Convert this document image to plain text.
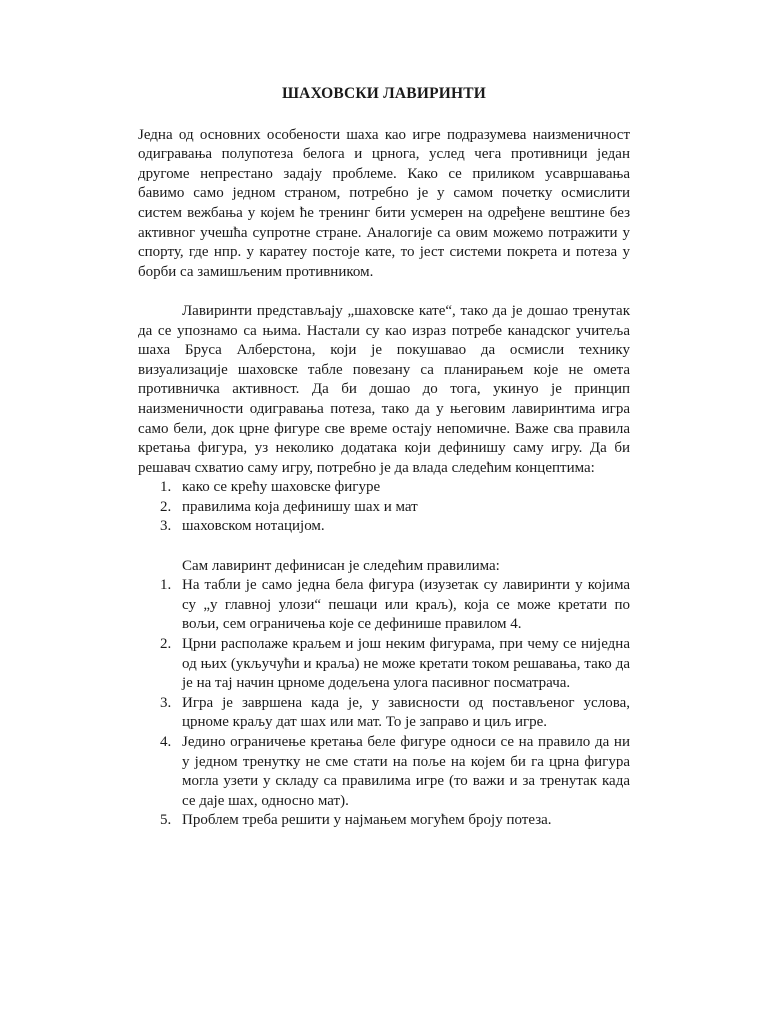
ШАХОВСКИ ЛАВИРИНТИ

Једна од основних особености шаха као игре подразумева наизменичност одигравања полупотеза белога и црнога, услед чега противници један другоме непрестано задају проблеме. Како се приликом усавршавања бавимо само једном страном, потребно је у самом почетку осмислити систем вежбања у којем ће тренинг бити усмерен на одређене вештине без активног учешћа супротне стране. Аналогије са овим можемо потражити у спорту, где нпр. у каратеу постоје кате, то јест системи покрета и потеза у борби са замишљеним противником.

Лавиринти представљају „шаховске кате“, тако да је дошао тренутак да се упознамо са њима. Настали су као израз потребе канадског учитеља шаха Бруса Алберстона, који је покушавао да осмисли технику визуализације шаховске табле повезану са планирањем које не омета противничка активност. Да би дошао до тога, укинуо је принцип наизменичности одигравања потеза, тако да у његовим лавиринтима игра само бели, док црне фигуре све време остају непомичне. Важе сва правила кретања фигура, уз неколико додатака који дефинишу саму игру. Да би решавач схватио саму игру, потребно је да влада следећим концептима:

1. како се крећу шаховске фигуре
2. правилима која дефинишу шах и мат
3. шаховском нотацијом.

Сам лавиринт дефинисан је следећим правилима:

1. На табли је само једна бела фигура (изузетак су лавиринти у којима су „у главној улози“ пешаци или краљ), која се може кретати по вољи, сем ограничења које се дефинише правилом 4.
2. Црни располаже краљем и још неким фигурама, при чему се ниједна од њих (укључући и краља) не може кретати током решавања, тако да је на тај начин црноме додељена улога пасивног посматрача.
3. Игра је завршена када је, у зависности од постављеног услова, црноме краљу дат шах или мат. То је заправо и циљ игре.
4. Једино ограничење кретања беле фигуре односи се на правило да ни у једном тренутку не сме стати на поље на којем би га црна фигура могла узети у складу са правилима игре (то важи и за тренутак када се даје шах, односно мат).
5. Проблем треба решити у најмањем могућем броју потеза.
